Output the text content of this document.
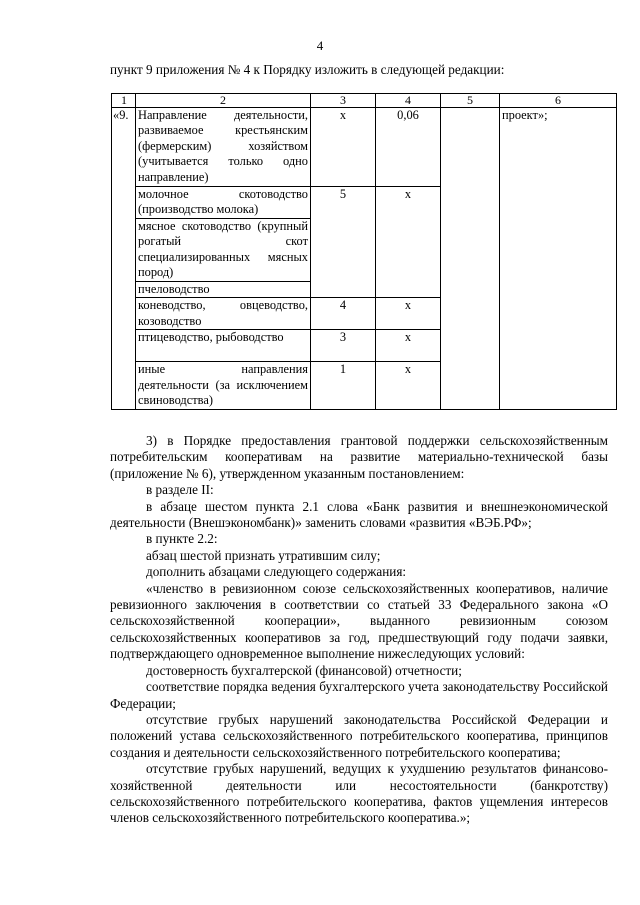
4
пункт 9 приложения № 4 к Порядку изложить в следующей редакции:
1	2	3	4	5	6
«9.	Направление деятельности, развиваемое крестьянским (фермерским) хозяйством (учитывается только одно направление)	x	0,06		проект»;
	молочное скотоводство (производство молока)	5	x		
	мясное скотоводство (крупный рогатый скот специализированных мясных пород)				
	пчеловодство				
	коневодство, овцеводство, козоводство	4	x		
	птицеводство, рыбоводство	3	x		
	иные направления деятельности (за исключением свиноводства)	1	x		

3) в Порядке предоставления грантовой поддержки сельскохозяйственным потребительским кооперативам на развитие материально-технической базы (приложение № 6), утвержденном указанным постановлением:

в разделе II:

в абзаце шестом пункта 2.1 слова «Банк развития и внешнеэкономической деятельности (Внешэкономбанк)» заменить словами «развития «ВЭБ.РФ»;

в пункте 2.2:

абзац шестой признать утратившим силу;

дополнить абзацами следующего содержания:

«членство в ревизионном союзе сельскохозяйственных кооперативов, наличие ревизионного заключения в соответствии со статьей 33 Федерального закона «О сельскохозяйственной кооперации», выданного ревизионным союзом сельскохозяйственных кооперативов за год, предшествующий году подачи заявки, подтверждающего одновременное выполнение нижеследующих условий:

достоверность бухгалтерской (финансовой) отчетности;

соответствие порядка ведения бухгалтерского учета законодательству Российской Федерации;

отсутствие грубых нарушений законодательства Российской Федерации и положений устава сельскохозяйственного потребительского кооператива, принципов создания и деятельности сельскохозяйственного потребительского кооператива;

отсутствие грубых нарушений, ведущих к ухудшению результатов финансово-хозяйственной деятельности или несостоятельности (банкротству) сельскохозяйственного потребительского кооператива, фактов ущемления интересов членов сельскохозяйственного потребительского кооператива.»;
